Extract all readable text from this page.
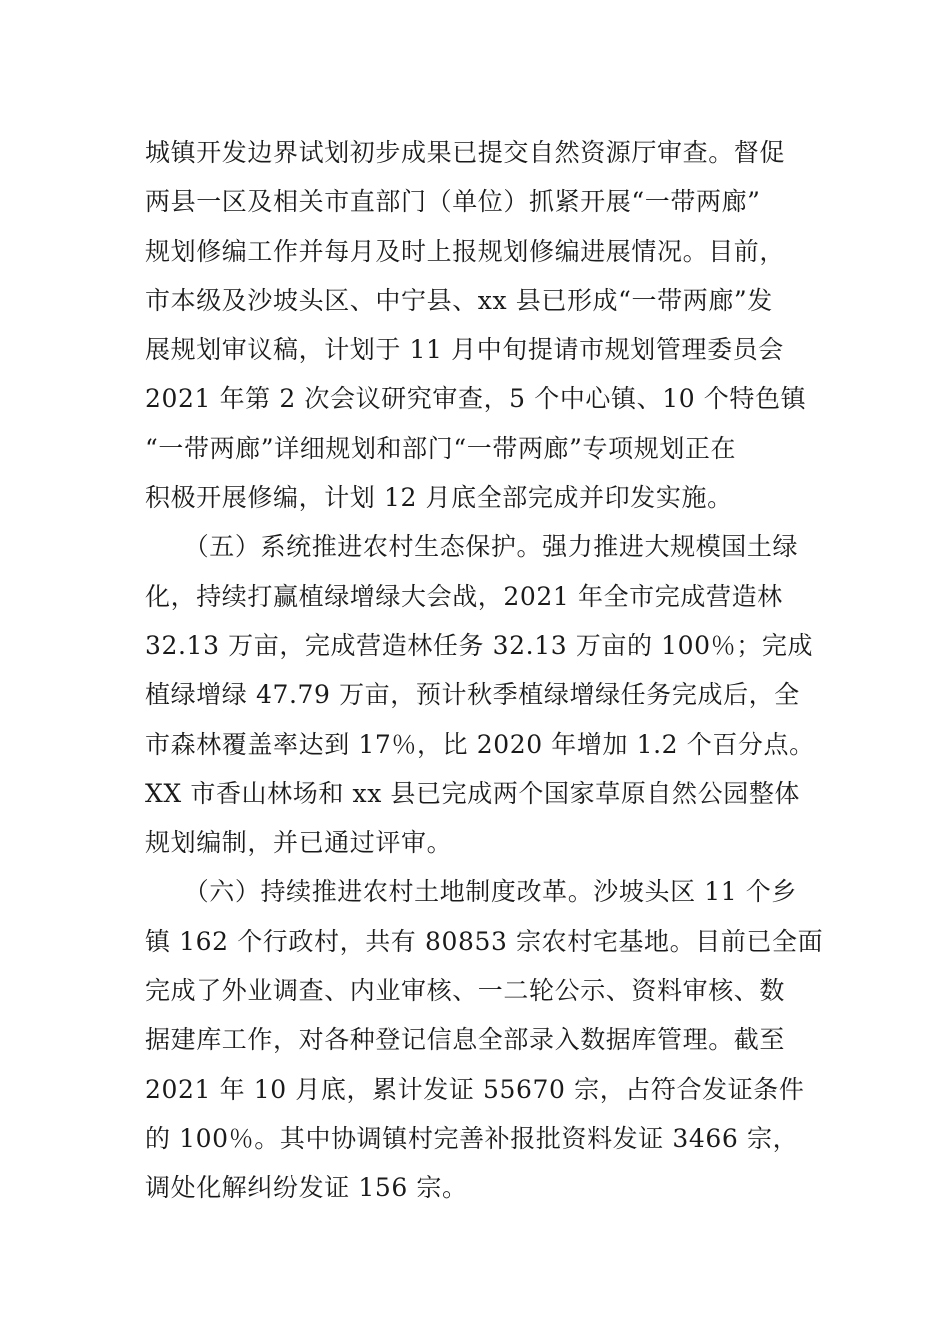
城镇开发边界试划初步成果已提交自然资源厅审查。督促
两县一区及相关市直部门（单位）抓紧开展“一带两廊”
规划修编工作并每月及时上报规划修编进展情况。目前，
市本级及沙坡头区、中宁县、xx 县已形成“一带两廊”发
展规划审议稿，计划于 11 月中旬提请市规划管理委员会
2021 年第 2 次会议研究审查，5 个中心镇、10 个特色镇
“一带两廊”详细规划和部门“一带两廊”专项规划正在
积极开展修编，计划 12 月底全部完成并印发实施。
　　（五）系统推进农村生态保护。强力推进大规模国土绿
化，持续打赢植绿增绿大会战，2021 年全市完成营造林
32.13 万亩，完成营造林任务 32.13 万亩的 100％；完成
植绿增绿 47.79 万亩，预计秋季植绿增绿任务完成后，全
市森林覆盖率达到 17％，比 2020 年增加 1.2 个百分点。
XX 市香山林场和 xx 县已完成两个国家草原自然公园整体
规划编制，并已通过评审。
　　（六）持续推进农村土地制度改革。沙坡头区 11 个乡
镇 162 个行政村，共有 80853 宗农村宅基地。目前已全面
完成了外业调查、内业审核、一二轮公示、资料审核、数
据建库工作，对各种登记信息全部录入数据库管理。截至
2021 年 10 月底，累计发证 55670 宗，占符合发证条件
的 100％。其中协调镇村完善补报批资料发证 3466 宗，
调处化解纠纷发证 156 宗。
